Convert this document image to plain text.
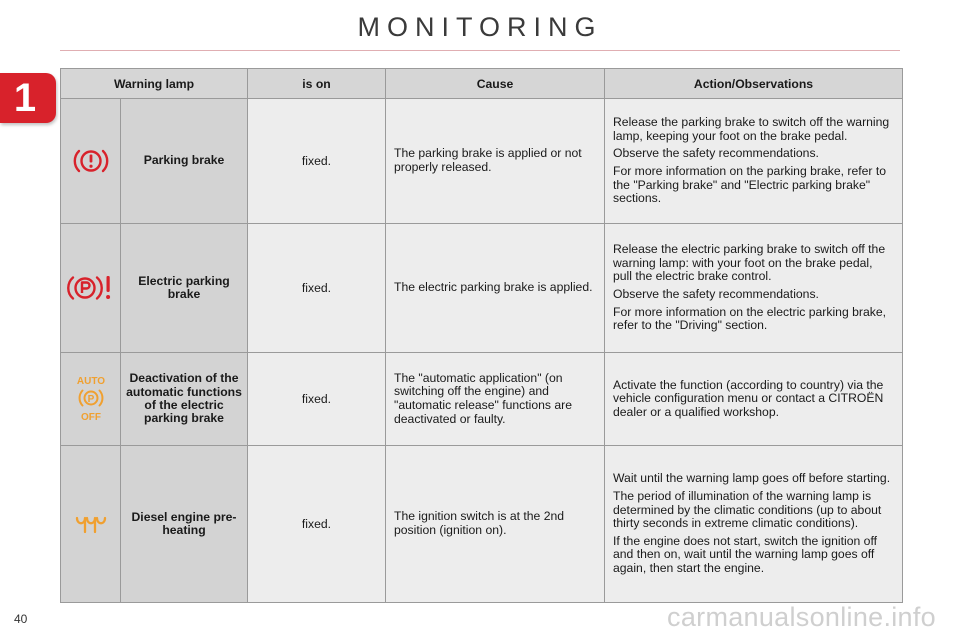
MONITORING
1	Warning lamp		is on	Cause	Action/Observations
	Parking brake	fixed.	The parking brake is applied or not properly released.	Release the parking brake to switch off the warning lamp, keeping your foot on the brake pedal.

Observe the safety recommendations.

For more information on the parking brake, refer to the "Parking brake" and "Electric parking brake" sections.

	Electric parking brake	fixed.	The electric parking brake is applied.	Release the electric parking brake to switch off the warning lamp: with your foot on the brake pedal, pull the electric brake control.

Observe the safety recommendations.

For more information on the electric parking brake, refer to the "Driving" section.

AUTO
P
OFF	Deactivation of the automatic functions of the electric parking brake	fixed.	The "automatic application" (on switching off the engine) and "automatic release" functions are deactivated or faulty.	Activate the function (according to country) via the vehicle configuration menu or contact a CITROËN dealer or a qualified workshop.

	Diesel engine pre-heating	fixed.	The ignition switch is at the 2nd position (ignition on).	Wait until the warning lamp goes off before starting.

The period of illumination of the warning lamp is determined by the climatic conditions (up to about thirty seconds in extreme climatic conditions).

If the engine does not start, switch the ignition off and then on, wait until the warning lamp goes off again, then start the engine.

40	carmanualsonline.info
